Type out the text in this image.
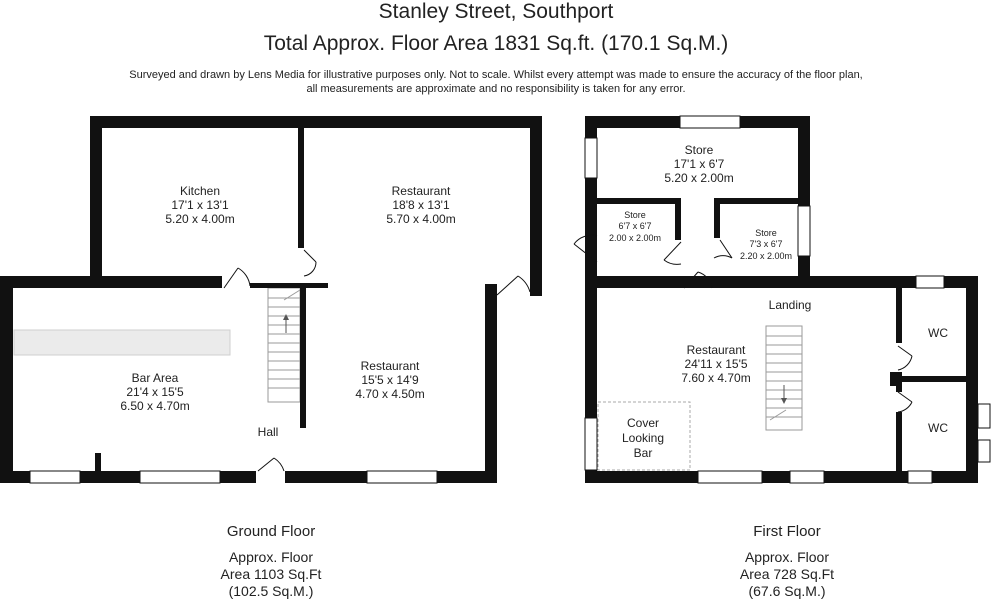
Stanley Street, Southport
Total Approx. Floor Area 1831 Sq.ft. (170.1 Sq.M.)
Surveyed and drawn by Lens Media for illustrative purposes only. Not to scale. Whilst every attempt was made to ensure the accuracy of the floor plan,
all measurements are approximate and no responsibility is taken for any error.
Kitchen
17'1 x 13'1
5.20 x 4.00m
Restaurant
18'8 x 13'1
5.70 x 4.00m
Restaurant
15'5 x 14'9
4.70 x 4.50m
Bar Area
21'4 x 15'5
6.50 x 4.70m
Hall
Ground Floor
Approx. Floor
Area 1103 Sq.Ft
(102.5 Sq.M.)
Store
17'1 x 6'7
5.20 x 2.00m
Store
6'7 x 6'7
2.00 x 2.00m	Store
7'3 x 6'7
2.20 x 2.00m
Landing
Restaurant
24'11 x 15'5
7.60 x 4.70m
WC
WC
Cover
Looking
Bar
First Floor
Approx. Floor
Area 728 Sq.Ft
(67.6 Sq.M.)
